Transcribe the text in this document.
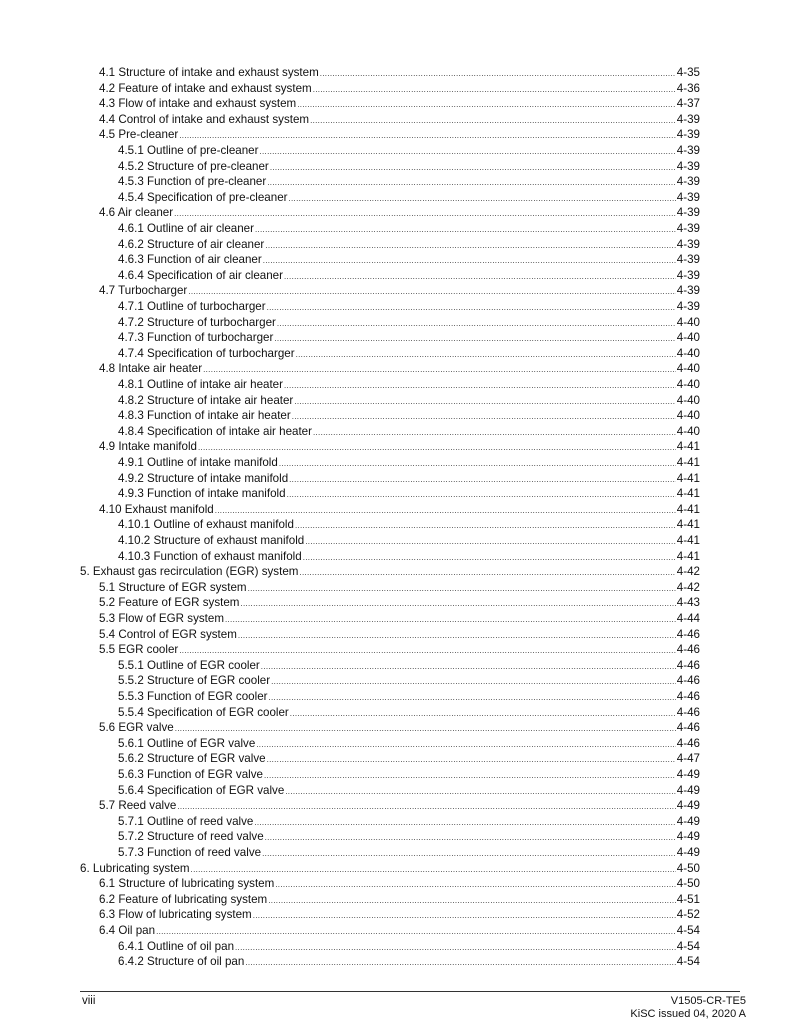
4.1 Structure of intake and exhaust system .....	4-35
4.2 Feature of intake and exhaust system .....	4-36
4.3 Flow of intake and exhaust system .....	4-37
4.4 Control of intake and exhaust system .....	4-39
4.5 Pre-cleaner .....	4-39
4.5.1 Outline of pre-cleaner .....	4-39
4.5.2 Structure of pre-cleaner .....	4-39
4.5.3 Function of pre-cleaner .....	4-39
4.5.4 Specification of pre-cleaner .....	4-39
4.6 Air cleaner .....	4-39
4.6.1 Outline of air cleaner .....	4-39
4.6.2 Structure of air cleaner .....	4-39
4.6.3 Function of air cleaner .....	4-39
4.6.4 Specification of air cleaner .....	4-39
4.7 Turbocharger .....	4-39
4.7.1 Outline of turbocharger .....	4-39
4.7.2 Structure of turbocharger .....	4-40
4.7.3 Function of turbocharger .....	4-40
4.7.4 Specification of turbocharger .....	4-40
4.8 Intake air heater .....	4-40
4.8.1 Outline of intake air heater .....	4-40
4.8.2 Structure of intake air heater .....	4-40
4.8.3 Function of intake air heater .....	4-40
4.8.4 Specification of intake air heater .....	4-40
4.9 Intake manifold .....	4-41
4.9.1 Outline of intake manifold .....	4-41
4.9.2 Structure of intake manifold .....	4-41
4.9.3 Function of intake manifold .....	4-41
4.10 Exhaust manifold .....	4-41
4.10.1 Outline of exhaust manifold .....	4-41
4.10.2 Structure of exhaust manifold .....	4-41
4.10.3 Function of exhaust manifold .....	4-41
5. Exhaust gas recirculation (EGR) system .....	4-42
5.1 Structure of EGR system .....	4-42
5.2 Feature of EGR system .....	4-43
5.3 Flow of EGR system .....	4-44
5.4 Control of EGR system .....	4-46
5.5 EGR cooler .....	4-46
5.5.1 Outline of EGR cooler .....	4-46
5.5.2 Structure of EGR cooler .....	4-46
5.5.3 Function of EGR cooler .....	4-46
5.5.4 Specification of EGR cooler .....	4-46
5.6 EGR valve .....	4-46
5.6.1 Outline of EGR valve .....	4-46
5.6.2 Structure of EGR valve .....	4-47
5.6.3 Function of EGR valve .....	4-49
5.6.4 Specification of EGR valve .....	4-49
5.7 Reed valve .....	4-49
5.7.1 Outline of reed valve .....	4-49
5.7.2 Structure of reed valve .....	4-49
5.7.3 Function of reed valve .....	4-49
6. Lubricating system .....	4-50
6.1 Structure of lubricating system .....	4-50
6.2 Feature of lubricating system .....	4-51
6.3 Flow of lubricating system .....	4-52
6.4 Oil pan .....	4-54
6.4.1 Outline of oil pan .....	4-54
6.4.2 Structure of oil pan .....	4-54
viii	V1505-CR-TE5
KiSC issued 04, 2020 A
